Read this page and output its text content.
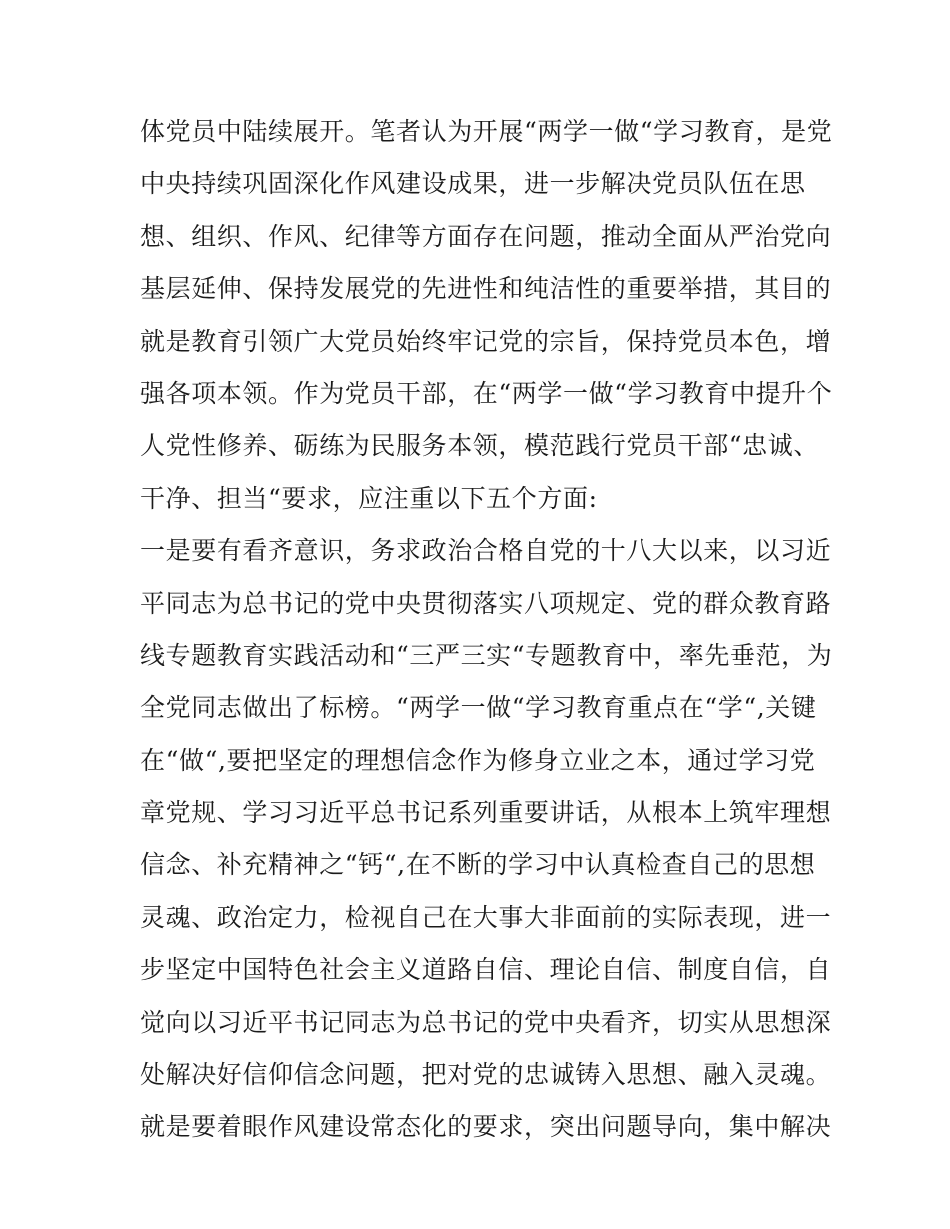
体党员中陆续展开。笔者认为开展“两学一做“学习教育，是党
中央持续巩固深化作风建设成果，进一步解决党员队伍在思
想、组织、作风、纪律等方面存在问题，推动全面从严治党向
基层延伸、保持发展党的先进性和纯洁性的重要举措，其目的
就是教育引领广大党员始终牢记党的宗旨，保持党员本色，增
强各项本领。作为党员干部，在“两学一做“学习教育中提升个
人党性修养、砺练为民服务本领，模范践行党员干部“忠诚、
干净、担当“要求，应注重以下五个方面:
一是要有看齐意识，务求政治合格自党的十八大以来，以习近
平同志为总书记的党中央贯彻落实八项规定、党的群众教育路
线专题教育实践活动和“三严三实“专题教育中，率先垂范，为
全党同志做出了标榜。“两学一做“学习教育重点在“学“,关键
在“做“,要把坚定的理想信念作为修身立业之本，通过学习党
章党规、学习习近平总书记系列重要讲话，从根本上筑牢理想
信念、补充精神之“钙“,在不断的学习中认真检查自己的思想
灵魂、政治定力，检视自己在大事大非面前的实际表现，进一
步坚定中国特色社会主义道路自信、理论自信、制度自信，自
觉向以习近平书记同志为总书记的党中央看齐，切实从思想深
处解决好信仰信念问题，把对党的忠诚铸入思想、融入灵魂。
就是要着眼作风建设常态化的要求，突出问题导向，集中解决
